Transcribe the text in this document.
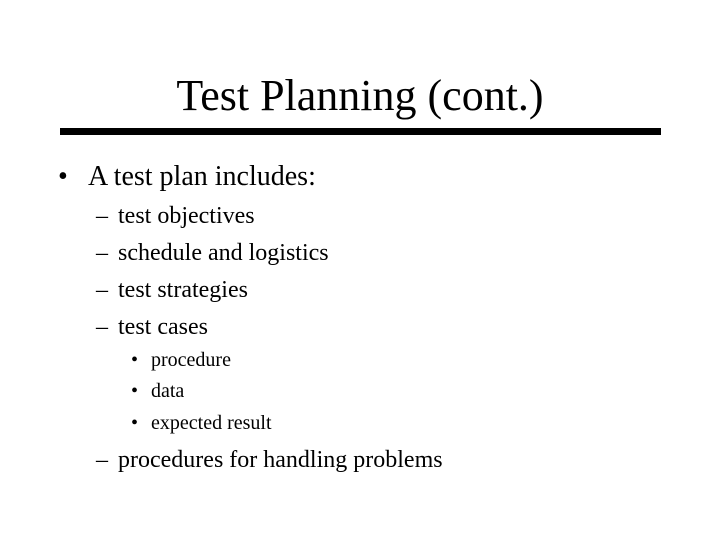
Test Planning (cont.)
• A test plan includes:
– test objectives
– schedule and logistics
– test strategies
– test cases
• procedure
• data
• expected result
– procedures for handling problems
